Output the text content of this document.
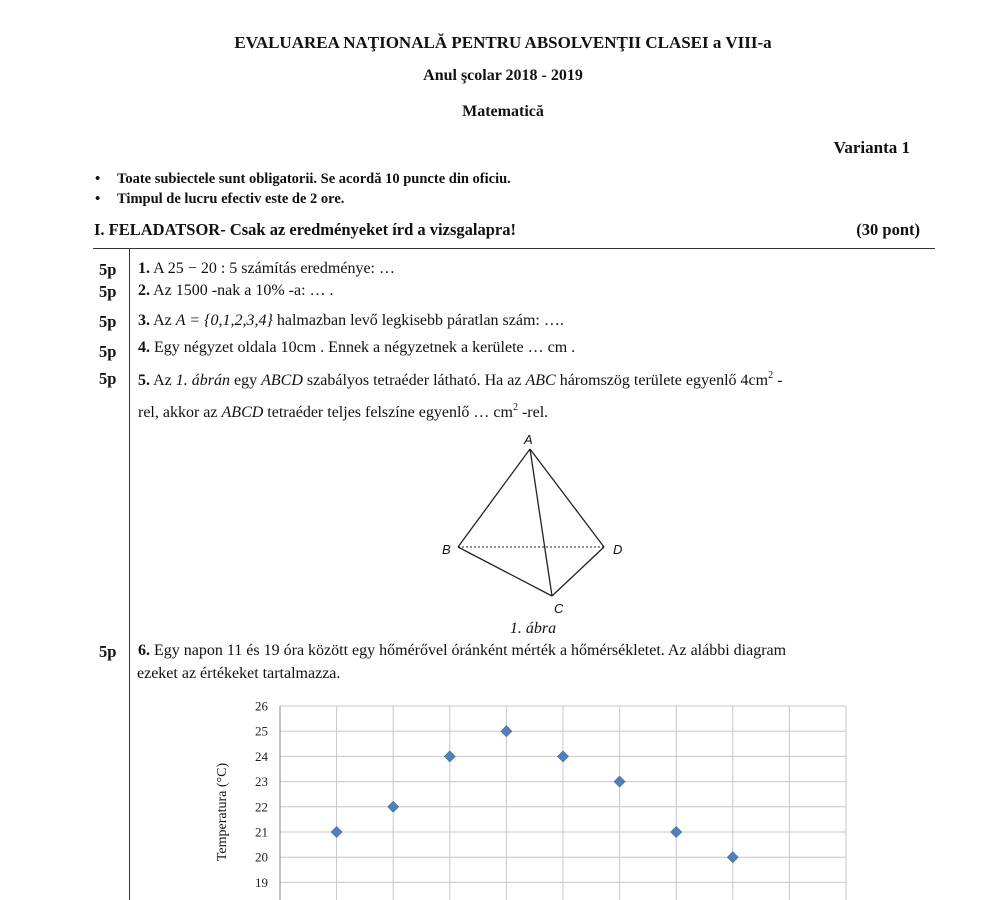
EVALUAREA NAŢIONALĂ PENTRU ABSOLVENŢII CLASEI a VIII-a
Anul şcolar 2018 - 2019
Matematică
Varianta 1
• Toate subiectele sunt obligatorii. Se acordă 10 puncte din oficiu.
• Timpul de lucru efectiv este de 2 ore.
I. FELADATSOR- Csak az eredményeket írd a vizsgalapra!	(30 pont)
5p 1. A 25 − 20 : 5 számítás eredménye: …
5p 2. Az 1500 -nak a 10% -a: … .
5p 3. Az A = {0,1,2,3,4} halmazban levő legkisebb páratlan szám: ….
5p 4. Egy négyzet oldala 10cm . Ennek a négyzetnek a kerülete … cm .
5p 5. Az 1. ábrán egy ABCD szabályos tetraéder látható. Ha az ABC háromszög területe egyenlő $4cm^2$ -
rel, akkor az ABCD tetraéder teljes felszíne egyenlő … $cm^2$ -rel.
A
B	D
C
1. ábra
5p 6. Egy napon 11 és 19 óra között egy hőmérővel óránként mérték a hőmérsékletet. Az alábbi diagram
ezeket az értékeket tartalmazza.
Temperatura (°C)
19
20
21
22
23
24
25
26
